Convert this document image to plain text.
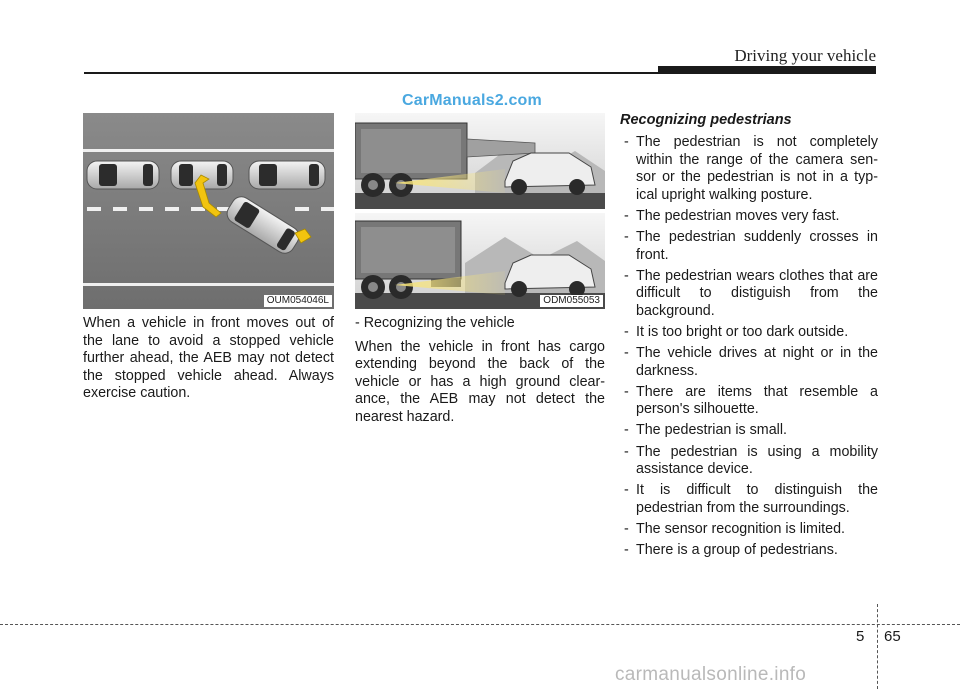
Driving your vehicle
CarManuals2.com
OUM054046L	ODM055053

When a vehicle in front moves out of the lane to avoid a stopped vehicle further ahead, the AEB may not detect the stopped vehicle ahead. Always exercise caution.

- Recognizing the vehicle

When the vehicle in front has cargo extending beyond the back of the vehicle or has a high ground clear- ance, the AEB may not detect the nearest hazard.

Recognizing pedestrians
- The pedestrian is not completely within the range of the camera sen- sor or the pedestrian is not in a typ- ical upright walking posture.
- The pedestrian moves very fast.
- The pedestrian suddenly crosses in front.
- The pedestrian wears clothes that are difficult to distiguish from the background.
- It is too bright or too dark outside.
- The vehicle drives at night or in the darkness.
- There are items that resemble a person's silhouette.
- The pedestrian is small.
- The pedestrian is using a mobility assistance device.
- It is difficult to distinguish the pedestrian from the surroundings.
- The sensor recognition is limited.
- There is a group of pedestrians.
5 65
carmanualsonline.info
